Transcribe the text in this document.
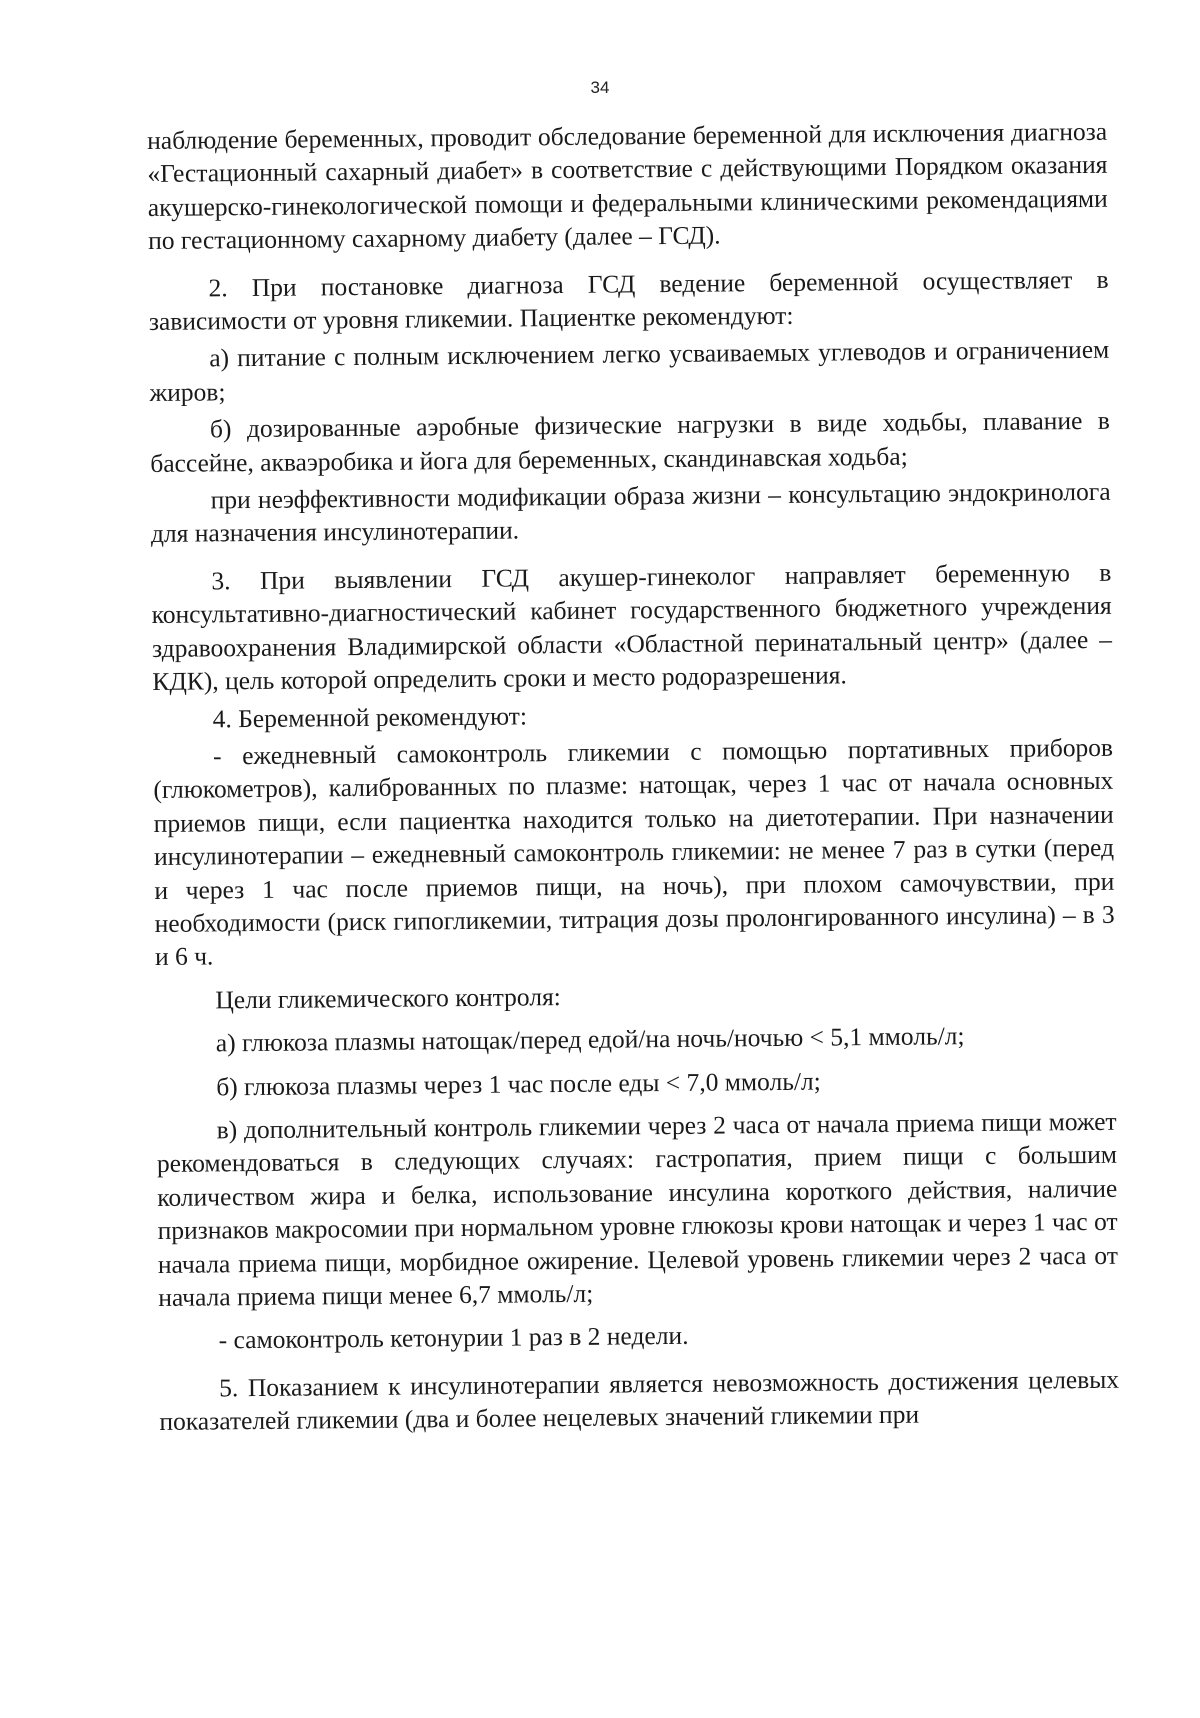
34

наблюдение беременных, проводит обследование беременной для исключения диагноза «Гестационный сахарный диабет» в соответствие с действующими Порядком оказания акушерско-гинекологической помощи и федеральными клиническими рекомендациями по гестационному сахарному диабету (далее – ГСД).

2. При постановке диагноза ГСД ведение беременной осуществляет в зависимости от уровня гликемии. Пациентке рекомендуют:

а) питание с полным исключением легко усваиваемых углеводов и ограничением жиров;

б) дозированные аэробные физические нагрузки в виде ходьбы, плавание в бассейне, акваэробика и йога для беременных, скандинавская ходьба;

при неэффективности модификации образа жизни – консультацию эндокринолога для назначения инсулинотерапии.

3. При выявлении ГСД акушер-гинеколог направляет беременную в консультативно-диагностический кабинет государственного бюджетного учреждения здравоохранения Владимирской области «Областной перинатальный центр» (далее – КДК), цель которой определить сроки и место родоразрешения.

4. Беременной рекомендуют:

- ежедневный самоконтроль гликемии с помощью портативных приборов (глюкометров), калиброванных по плазме: натощак, через 1 час от начала основных приемов пищи, если пациентка находится только на диетотерапии. При назначении инсулинотерапии – ежедневный самоконтроль гликемии: не менее 7 раз в сутки (перед и через 1 час после приемов пищи, на ночь), при плохом самочувствии, при необходимости (риск гипогликемии, титрация дозы пролонгированного инсулина) – в 3 и 6 ч.

Цели гликемического контроля:

а) глюкоза плазмы натощак/перед едой/на ночь/ночью < 5,1 ммоль/л;

б) глюкоза плазмы через 1 час после еды < 7,0 ммоль/л;

в) дополнительный контроль гликемии через 2 часа от начала приема пищи может рекомендоваться в следующих случаях: гастропатия, прием пищи с большим количеством жира и белка, использование инсулина короткого действия, наличие признаков макросомии при нормальном уровне глюкозы крови натощак и через 1 час от начала приема пищи, морбидное ожирение. Целевой уровень гликемии через 2 часа от начала приема пищи менее 6,7 ммоль/л;

- самоконтроль кетонурии 1 раз в 2 недели.

5. Показанием к инсулинотерапии является невозможность достижения целевых показателей гликемии (два и более нецелевых значений гликемии при
